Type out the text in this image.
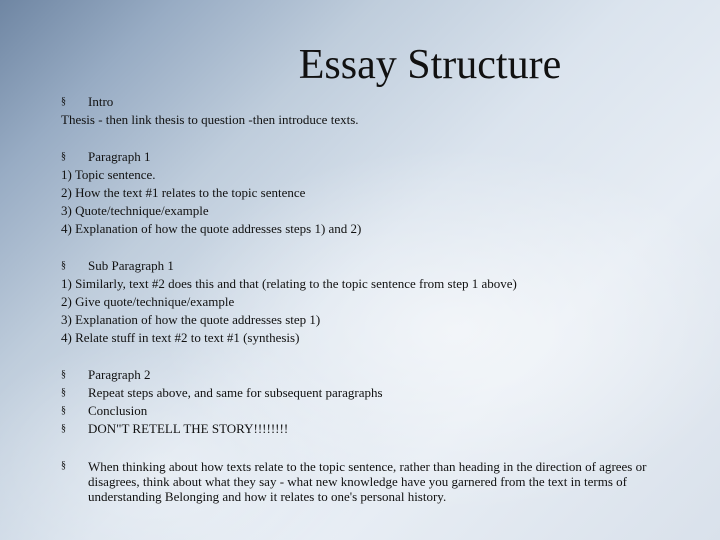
Essay Structure
§	Intro
Thesis - then link thesis to question -then introduce texts.
§	Paragraph 1
1) Topic sentence.
2) How the text #1 relates to the topic sentence
3) Quote/technique/example
4) Explanation of how the quote addresses steps 1) and 2)
§	Sub Paragraph 1
1) Similarly, text #2 does this and that (relating to the topic sentence from step 1 above)
2) Give quote/technique/example
3) Explanation of how the quote addresses step 1)
4) Relate stuff in text #2 to text #1 (synthesis)
§	Paragraph 2
§	Repeat steps above, and same for subsequent paragraphs
§	Conclusion
§	DON"T RETELL THE STORY!!!!!!!!
§	When thinking about how texts relate to the topic sentence, rather than heading in the direction of agrees or disagrees, think about what they say - what new knowledge have you garnered from the text in terms of understanding Belonging and how it relates to one's personal history.
